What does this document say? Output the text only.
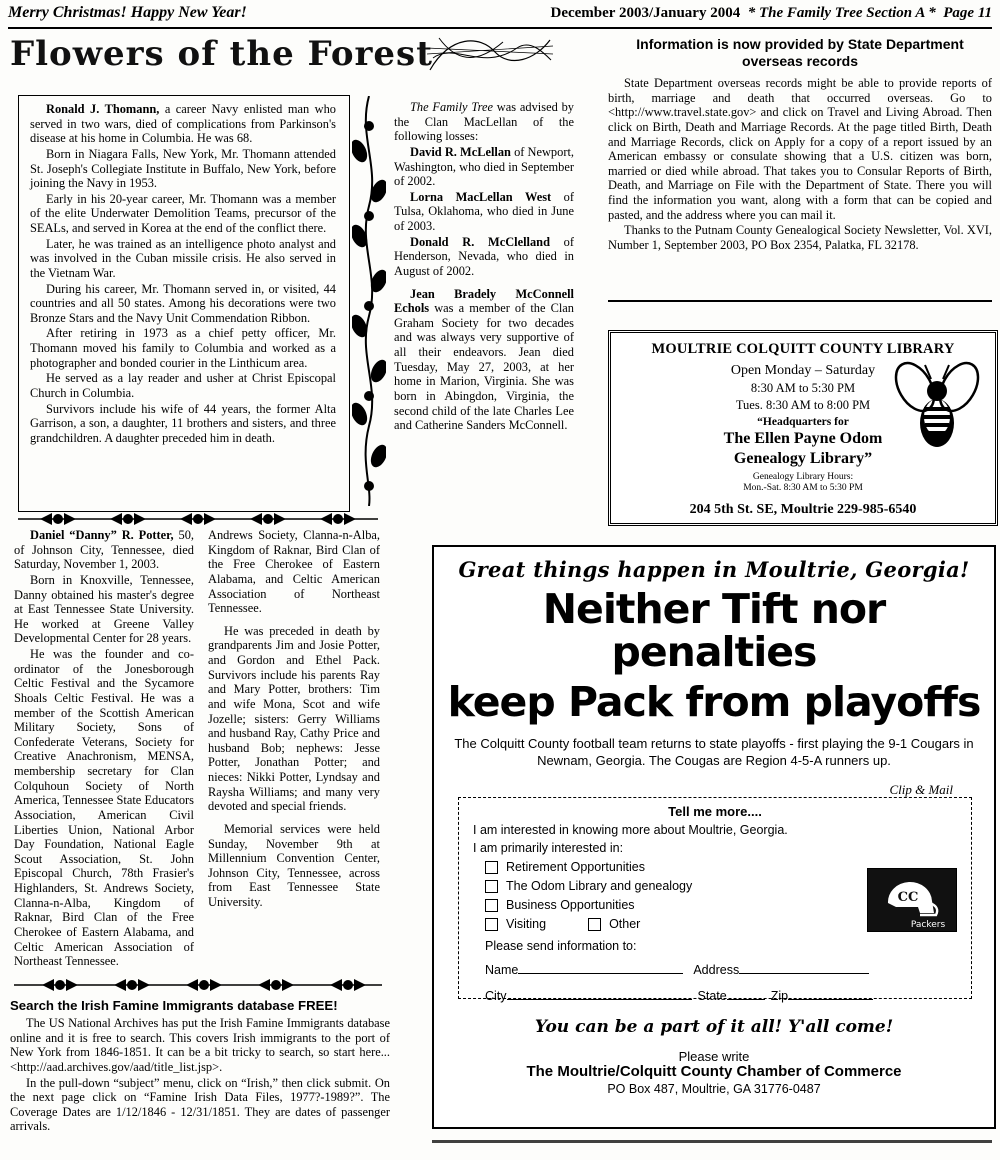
Merry Christmas! Happy New Year!	December 2003/January 2004 * The Family Tree Section A * Page 11
Flowers of the Forest

Ronald J. Thomann, a career Navy enlisted man who served in two wars, died of complications from Parkinson's disease at his home in Columbia. He was 68.

Born in Niagara Falls, New York, Mr. Thomann attended St. Joseph's Collegiate Institute in Buffalo, New York, before joining the Navy in 1953.

Early in his 20-year career, Mr. Thomann was a member of the elite Underwater Demolition Teams, precursor of the SEALs, and served in Korea at the end of the conflict there.

Later, he was trained as an intelligence photo analyst and was involved in the Cuban missile crisis. He also served in the Vietnam War.

During his career, Mr. Thomann served in, or visited, 44 countries and all 50 states. Among his decorations were two Bronze Stars and the Navy Unit Commendation Ribbon.

After retiring in 1973 as a chief petty officer, Mr. Thomann moved his family to Columbia and worked as a photographer and bonded courier in the Linthicum area.

He served as a lay reader and usher at Christ Episcopal Church in Columbia.

Survivors include his wife of 44 years, the former Alta Garrison, a son, a daughter, 11 brothers and sisters, and three grandchildren. A daughter preceded him in death.

The Family Tree was advised by the Clan MacLellan of the following losses:

David R. McLellan of Newport, Washington, who died in September of 2002.

Lorna MacLellan West of Tulsa, Oklahoma, who died in June of 2003.

Donald R. McClelland of Henderson, Nevada, who died in August of 2002.

Jean Bradely McConnell Echols was a member of the Clan Graham Society for two decades and was always very supportive of all their endeavors. Jean died Tuesday, May 27, 2003, at her home in Marion, Virginia. She was born in Abingdon, Virginia, the second child of the late Charles Lee and Catherine Sanders McConnell.

Information is now provided by State Department overseas records

State Department overseas records might be able to provide reports of birth, marriage and death that occurred overseas. Go to <http://www.travel.state.gov> and click on Travel and Living Abroad. Then click on Birth, Death and Marriage Records. At the page titled Birth, Death and Marriage Records, click on Apply for a copy of a report issued by an American embassy or consulate showing that a U.S. citizen was born, married or died while abroad. That takes you to Consular Reports of Birth, Death, and Marriage on File with the Department of State. There you will find the information you want, along with a form that can be copied and pasted, and the address where you can mail it.

Thanks to the Putnam County Genealogical Society Newsletter, Vol. XVI, Number 1, September 2003, PO Box 2354, Palatka, FL 32178.

MOULTRIE COLQUITT COUNTY LIBRARY
Open Monday – Saturday
8:30 AM to 5:30 PM
Tues. 8:30 AM to 8:00 PM
“Headquarters for
The Ellen Payne Odom
Genealogy Library”
Genealogy Library Hours:
Mon.-Sat. 8:30 AM to 5:30 PM
204 5th St. SE, Moultrie 229-985-6540

Daniel “Danny” R. Potter, 50, of Johnson City, Tennessee, died Saturday, November 1, 2003.

Born in Knoxville, Tennessee, Danny obtained his master's degree at East Tennessee State University. He worked at Greene Valley Developmental Center for 28 years.

He was the founder and co-ordinator of the Jonesborough Celtic Festival and the Sycamore Shoals Celtic Festival. He was a member of the Scottish American Military Society, Sons of Confederate Veterans, Society for Creative Anachronism, MENSA, membership secretary for Clan Colquhoun Society of North America, Tennessee State Educators Association, American Civil Liberties Union, National Arbor Day Foundation, National Eagle Scout Association, St. John Episcopal Church, 78th Frasier's Highlanders, St. Andrews Society, Clanna-n-Alba, Kingdom of Raknar, Bird Clan of the Free Cherokee of Eastern Alabama, and Celtic American Association of Northeast Tennessee.

Andrews Society, Clanna-n-Alba, Kingdom of Raknar, Bird Clan of the Free Cherokee of Eastern Alabama, and Celtic American Association of Northeast Tennessee.

He was preceded in death by grandparents Jim and Josie Potter, and Gordon and Ethel Pack. Survivors include his parents Ray and Mary Potter, brothers: Tim and wife Mona, Scot and wife Jozelle; sisters: Gerry Williams and husband Ray, Cathy Price and husband Bob; nephews: Jesse Potter, Jonathan Potter; and nieces: Nikki Potter, Lyndsay and Raysha Williams; and many very devoted and special friends.

Memorial services were held Sunday, November 9th at Millennium Convention Center, Johnson City, Tennessee, across from East Tennessee State University.

Search the Irish Famine Immigrants database FREE!

The US National Archives has put the Irish Famine Immigrants database online and it is free to search. This covers Irish immigrants to the port of New York from 1846-1851. It can be a bit tricky to search, so start here...<http://aad.archives.gov/aad/title_list.jsp>.

In the pull-down “subject” menu, click on “Irish,” then click submit. On the next page click on “Famine Irish Data Files, 1977?-1989?”. The Coverage Dates are 1/12/1846 - 12/31/1851. They are dates of passenger arrivals.

Great things happen in Moultrie, Georgia!
Neither Tift nor penalties
keep Pack from playoffs
The Colquitt County football team returns to state playoffs - first playing the 9-1 Cougars in Newnam, Georgia. The Cougas are Region 4-5-A runners up.
Clip & Mail
Tell me more....
I am interested in knowing more about Moultrie, Georgia.
I am primarily interested in:
Retirement Opportunities
The Odom Library and genealogy
Business Opportunities
Visiting	Other
Please send information to:
Name	Address
City	State	Zip
CC
Packers
You can be a part of it all! Y'all come!
Please write
The Moultrie/Colquitt County Chamber of Commerce
PO Box 487, Moultrie, GA 31776-0487
